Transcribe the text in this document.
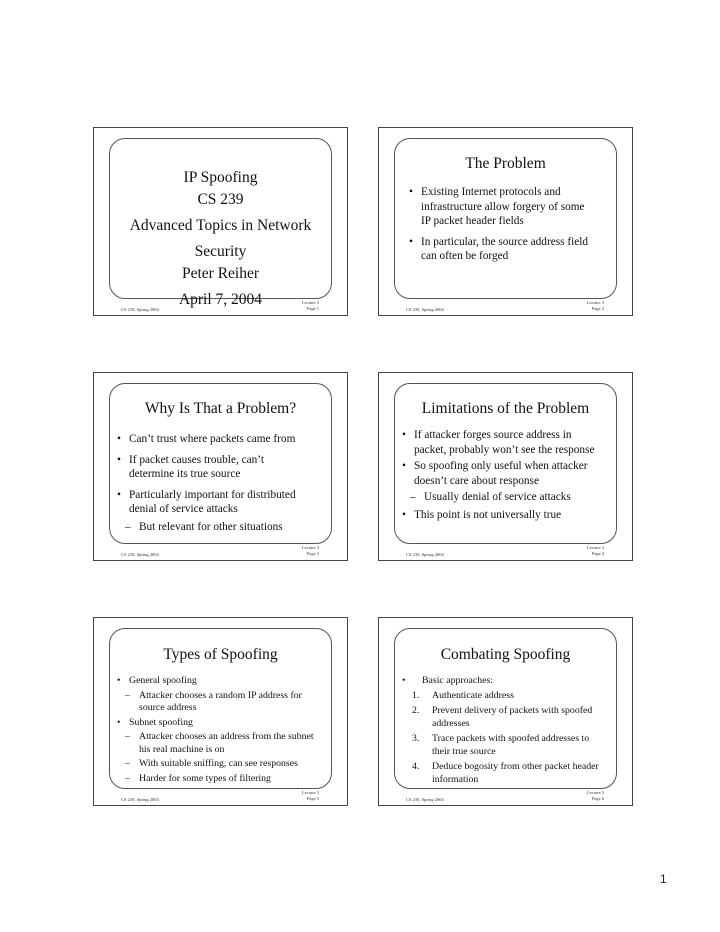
IP Spoofing
CS 239
Advanced Topics in Network
Security
Peter Reiher
April 7, 2004
CS 239, Spring 2004
Lecture 3
Page 1
The Problem
• Existing Internet protocols and infrastructure allow forgery of some IP packet header fields
• In particular, the source address field can often be forged
CS 239, Spring 2004
Lecture 3
Page 2
Why Is That a Problem?
• Can’t trust where packets came from
• If packet causes trouble, can’t determine its true source
• Particularly important for distributed denial of service attacks
– But relevant for other situations
CS 239, Spring 2004
Lecture 3
Page 3
Limitations of the Problem
• If attacker forges source address in packet, probably won’t see the response
• So spoofing only useful when attacker doesn’t care about response
– Usually denial of service attacks
• This point is not universally true
CS 239, Spring 2004
Lecture 3
Page 4
Types of Spoofing
• General spoofing
– Attacker chooses a random IP address for source address
• Subnet spoofing
– Attacker chooses an address from the subnet his real machine is on
– With suitable sniffing, can see responses
– Harder for some types of filtering
CS 239, Spring 2004
Lecture 3
Page 5
Combating Spoofing
• Basic approaches:
1. Authenticate address
2. Prevent delivery of packets with spoofed addresses
3. Trace packets with spoofed addresses to their true source
4. Deduce bogosity from other packet header information
CS 239, Spring 2004
Lecture 3
Page 6
1
